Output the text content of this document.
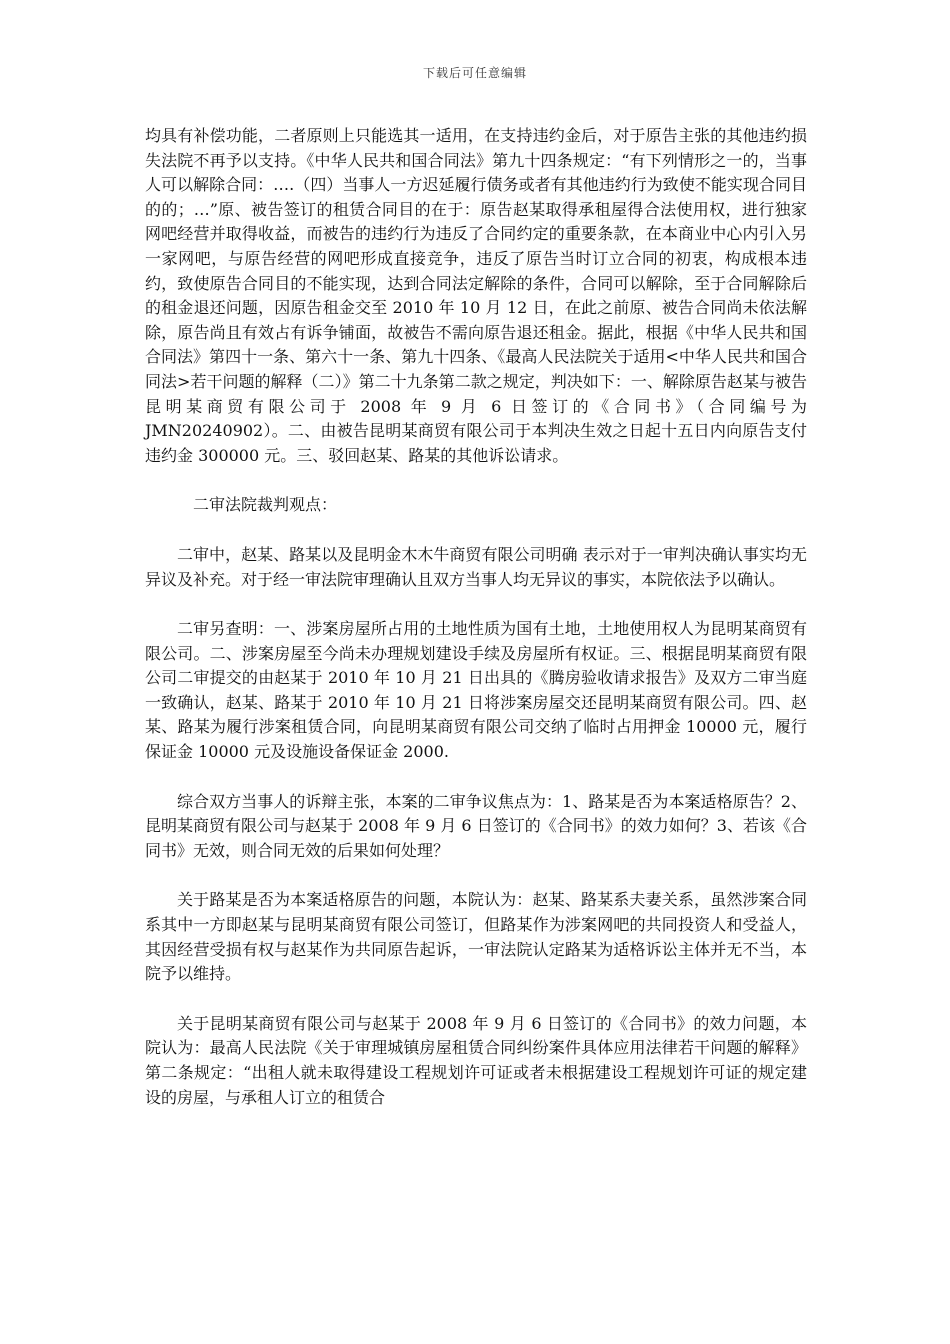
下载后可任意编辑

均具有补偿功能，二者原则上只能选其一适用，在支持违约金后，对于原告主张的其他违约损失法院不再予以支持。《中华人民共和国合同法》第九十四条规定：“有下列情形之一的，当事人可以解除合同：….（四）当事人一方迟延履行债务或者有其他违约行为致使不能实现合同目的的；…”原、被告签订的租赁合同目的在于：原告赵某取得承租屋得合法使用权，进行独家网吧经营并取得收益，而被告的违约行为违反了合同约定的重要条款，在本商业中心内引入另一家网吧，与原告经营的网吧形成直接竞争，违反了原告当时订立合同的初衷，构成根本违约，致使原告合同目的不能实现，达到合同法定解除的条件，合同可以解除，至于合同解除后的租金退还问题，因原告租金交至 2010 年 10 月 12 日，在此之前原、被告合同尚未依法解除，原告尚且有效占有诉争铺面，故被告不需向原告退还租金。据此，根据《中华人民共和国合同法》第四十一条、第六十一条、第九十四条、《最高人民法院关于适用<中华人民共和国合同法>若干问题的解释（二）》第二十九条第二款之规定，判决如下：一、解除原告赵某与被告昆明某商贸有限公司于 2008 年 9 月 6 日签订的《合同书》（合同编号为 JMN20240902）。二、由被告昆明某商贸有限公司于本判决生效之日起十五日内向原告支付违约金 300000 元。三、驳回赵某、路某的其他诉讼请求。

二审法院裁判观点：

二审中，赵某、路某以及昆明金木木牛商贸有限公司明确 表示对于一审判决确认事实均无异议及补充。对于经一审法院审理确认且双方当事人均无异议的事实，本院依法予以确认。

二审另查明：一、涉案房屋所占用的土地性质为国有土地，土地使用权人为昆明某商贸有限公司。二、涉案房屋至今尚未办理规划建设手续及房屋所有权证。三、根据昆明某商贸有限公司二审提交的由赵某于 2010 年 10 月 21 日出具的《腾房验收请求报告》及双方二审当庭一致确认，赵某、路某于 2010 年 10 月 21 日将涉案房屋交还昆明某商贸有限公司。四、赵某、路某为履行涉案租赁合同，向昆明某商贸有限公司交纳了临时占用押金 10000 元，履行保证金 10000 元及设施设备保证金 2000.

综合双方当事人的诉辩主张，本案的二审争议焦点为：1、路某是否为本案适格原告？2、昆明某商贸有限公司与赵某于 2008 年 9 月 6 日签订的《合同书》的效力如何？3、若该《合同书》无效，则合同无效的后果如何处理？

关于路某是否为本案适格原告的问题，本院认为：赵某、路某系夫妻关系，虽然涉案合同系其中一方即赵某与昆明某商贸有限公司签订，但路某作为涉案网吧的共同投资人和受益人，其因经营受损有权与赵某作为共同原告起诉，一审法院认定路某为适格诉讼主体并无不当，本院予以维持。

关于昆明某商贸有限公司与赵某于 2008 年 9 月 6 日签订的《合同书》的效力问题，本院认为：最高人民法院《关于审理城镇房屋租赁合同纠纷案件具体应用法律若干问题的解释》第二条规定：“出租人就未取得建设工程规划许可证或者未根据建设工程规划许可证的规定建设的房屋，与承租人订立的租赁合
